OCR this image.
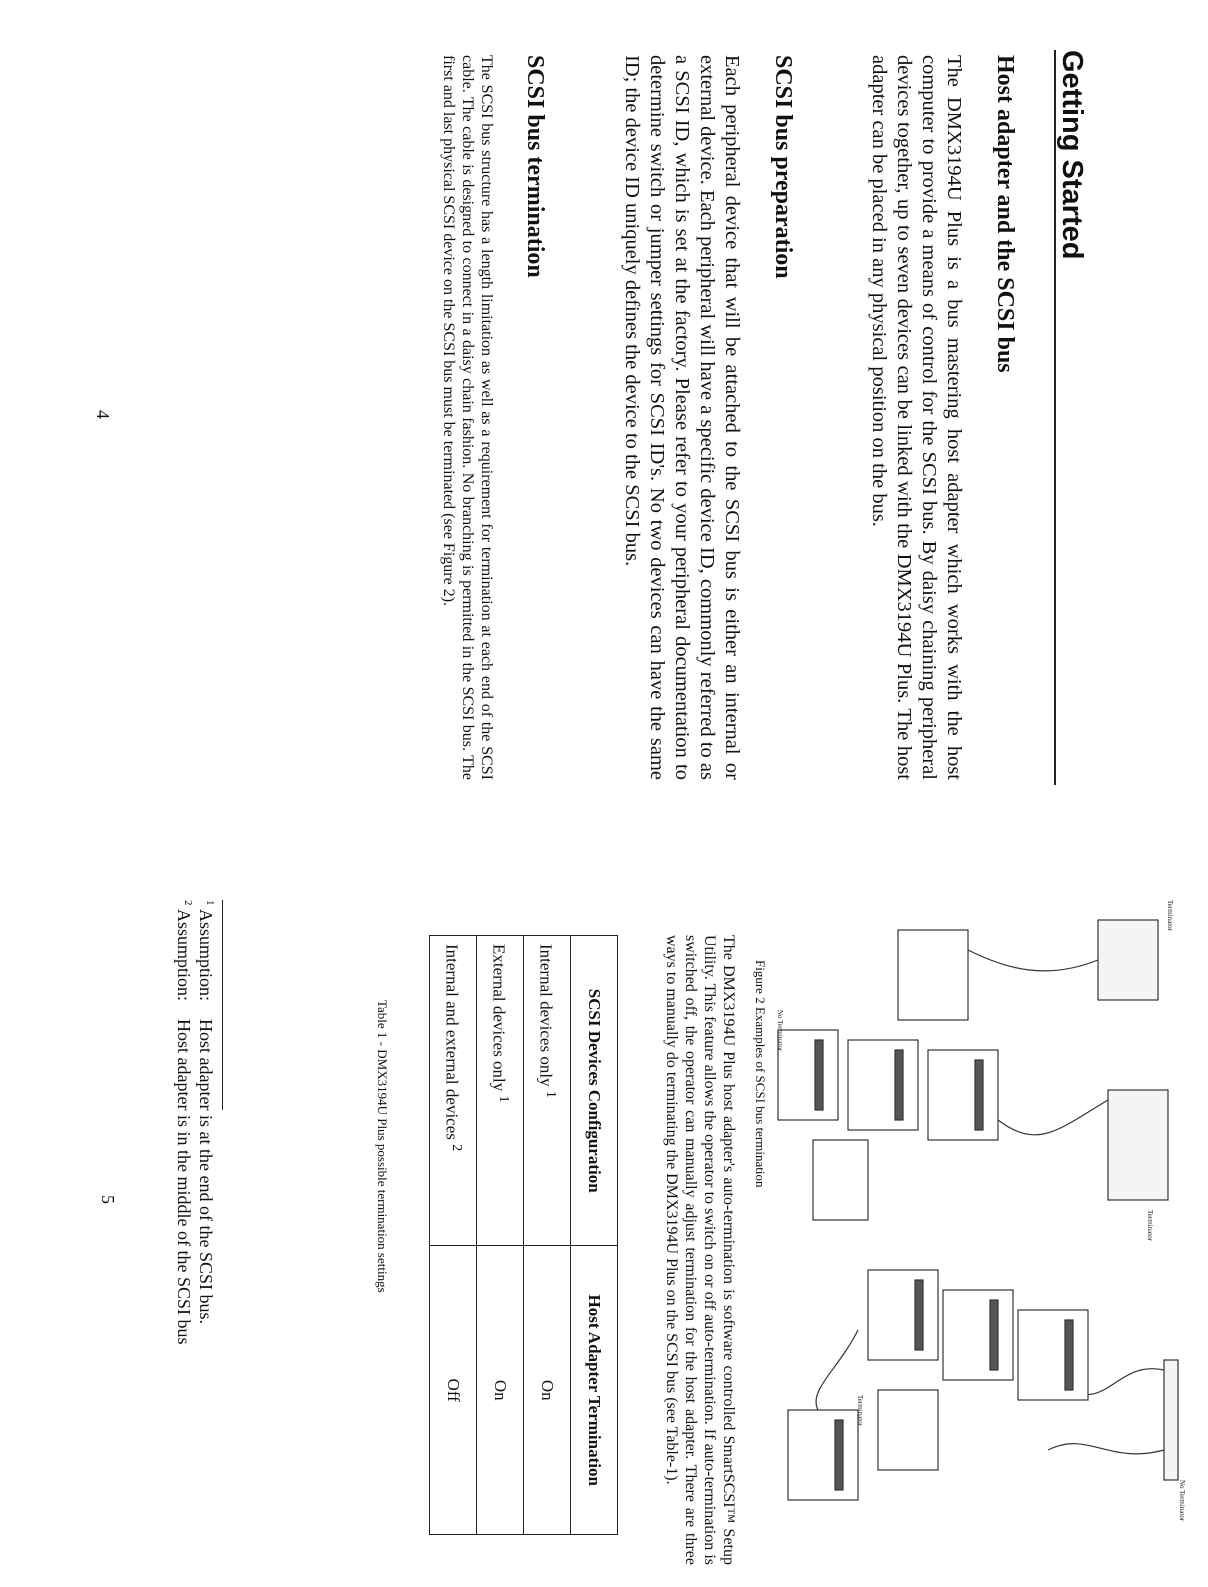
Getting Started
Host adapter and the SCSI bus
The DMX3194U Plus is a bus mastering host adapter which works with the host computer to provide a means of control for the SCSI bus. By daisy chaining peripheral devices together, up to seven devices can be linked with the DMX3194U Plus. The host adapter can be placed in any physical position on the bus.
SCSI bus preparation
Each peripheral device that will be attached to the SCSI bus is either an internal or external device. Each peripheral will have a specific device ID, commonly referred to as a SCSI ID, which is set at the factory. Please refer to your peripheral documentation to determine switch or jumper settings for SCSI ID's. No two devices can have the same ID; the device ID uniquely defines the device to the SCSI bus.
SCSI bus termination
The SCSI bus structure has a length limitation as well as a requirement for termination at each end of the SCSI cable. The cable is designed to connect in a daisy chain fashion. No branching is permitted in the SCSI bus. The first and last physical SCSI device on the SCSI bus must be terminated (see Figure 2).
4
No Terminator
Terminator
Terminator
No Terminator
Terminator
Figure 2 Examples of SCSI bus termination
The DMX3194U Plus host adapter's auto-termination is software controlled SmartSCSI™ Setup Utility. This feature allows the operator to switch on or off auto-termination. If auto-termination is switched off, the operator can manually adjust termination for the host adapter. There are three ways to manually do terminating the DMX3194U Plus on the SCSI bus (see Table-1).
SCSI Devices Configuration	Host Adapter Termination
Internal devices only $^1$	On
External devices only $^1$	On
Internal and external devices $^2$	Off
Table 1 - DMX3194U Plus possible termination settings
$^1$ Assumption:    Host adapter is at the end of the SCSI bus.
$^2$ Assumption:    Host adapter is in the middle of the SCSI bus
5
